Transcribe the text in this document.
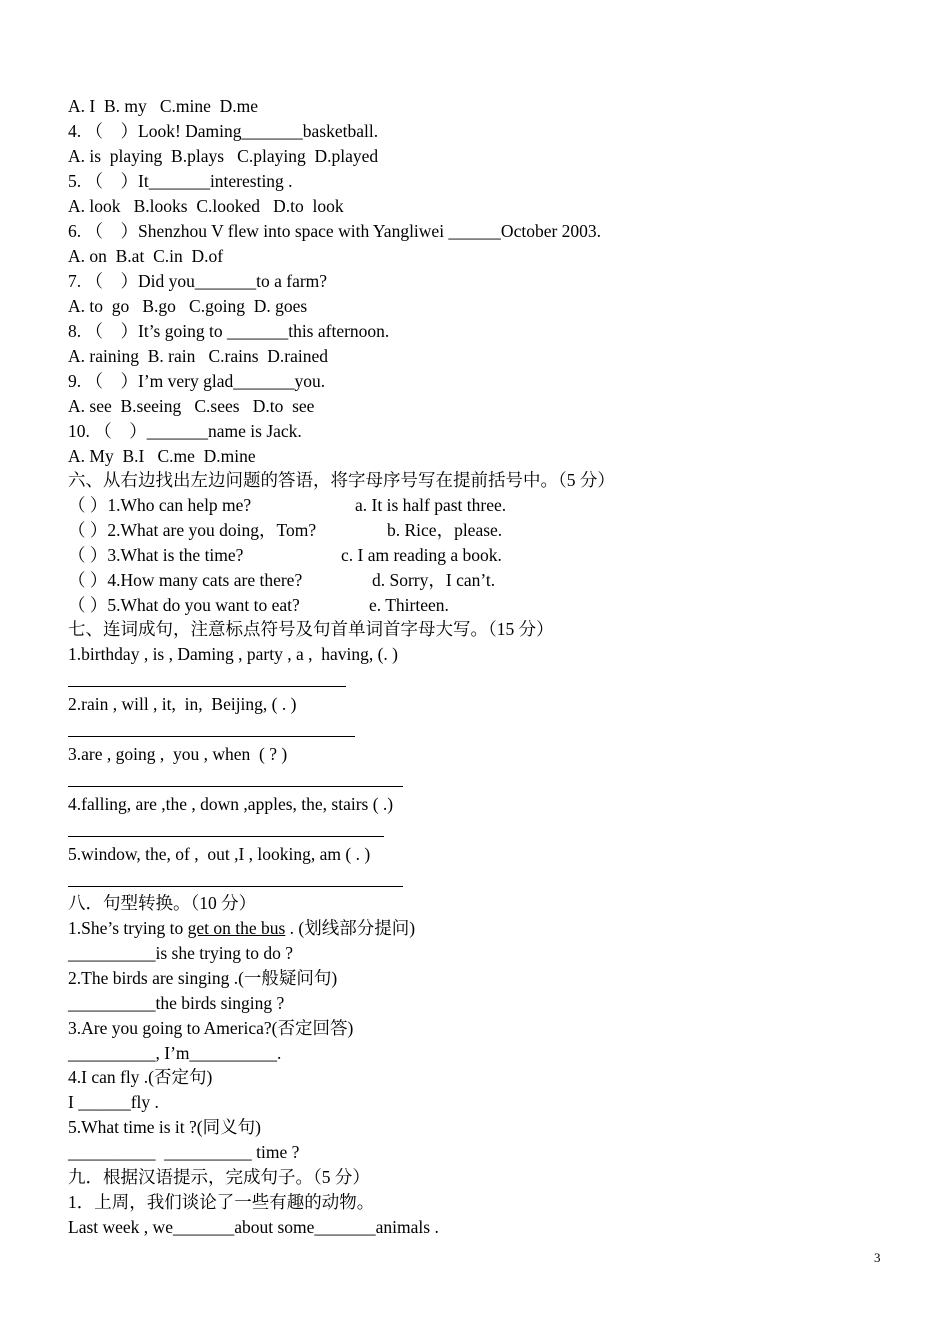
A. I  B. my   C.mine  D.me
4. （    ）Look! Daming_______basketball.
A. is  playing  B.plays   C.playing  D.played
5. （    ）It_______interesting .
A. look   B.looks  C.looked   D.to  look
6. （    ）Shenzhou V flew into space with Yangliwei ______October 2003.
A. on  B.at  C.in  D.of
7. （    ）Did you_______to a farm?
A. to  go   B.go   C.going  D. goes
8. （    ）It’s going to _______this afternoon.
A. raining  B. rain   C.rains  D.rained
9. （    ）I’m very glad_______you.
A. see  B.seeing   C.sees   D.to  see
10. （    ）_______name is Jack.
A. My  B.I   C.me  D.mine
六、从右边找出左边问题的答语，将字母序号写在提前括号中。（5 分）
（ ）1.Who can help me?	a. It is half past three.
（ ）2.What are you doing，Tom?	b. Rice，please.
（ ）3.What is the time?	c. I am reading a book.
（ ）4.How many cats are there?	d. Sorry，I can’t.
（ ）5.What do you want to eat?	e. Thirteen.
七、连词成句，注意标点符号及句首单词首字母大写。（15 分）
1.birthday , is , Daming , party , a ,  having, (. )
2.rain , will , it,  in,  Beijing, ( . )
3.are , going ,  you , when  ( ? )
4.falling, are ,the , down ,apples, the, stairs ( .)
5.window, the, of ,  out ,I , looking, am ( . )
八．句型转换。（10 分）
1.She’s trying to get on the bus . (划线部分提问)
__________is she trying to do ?
2.The birds are singing .(一般疑问句)
__________the birds singing ?
3.Are you going to America?(否定回答)
__________, I’m__________.
4.I can fly .(否定句)
I ______fly .
5.What time is it ?(同义句)
__________  __________ time ?
九．根据汉语提示，完成句子。（5 分）
1．上周，我们谈论了一些有趣的动物。
Last week , we_______about some_______animals .
3
